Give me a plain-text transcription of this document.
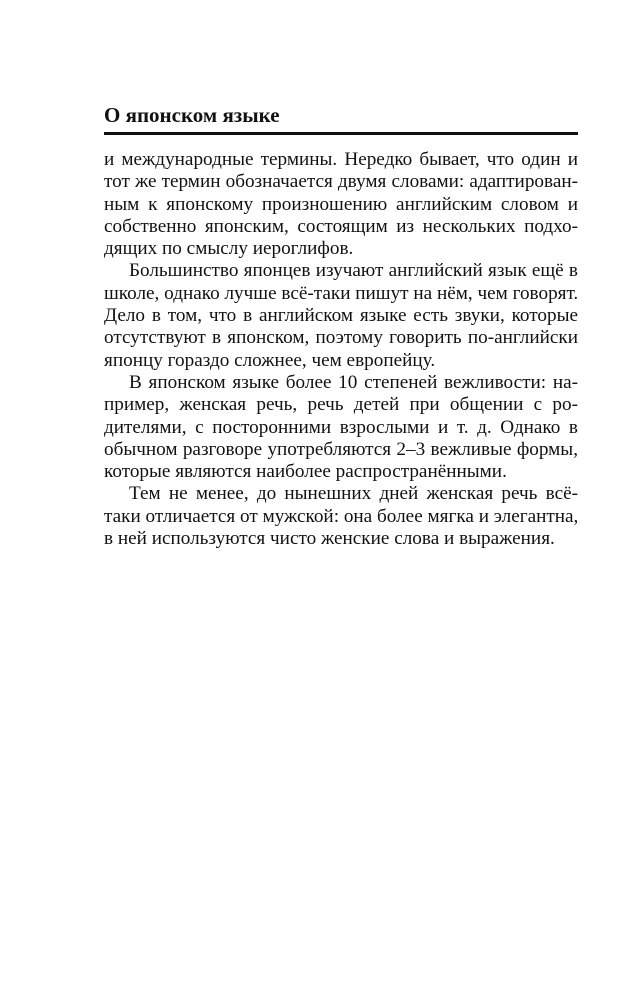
О японском языке
и международные термины. Нередко бывает, что один и
тот же термин обозначается двумя словами: адаптирован-
ным к японскому произношению английским словом и
собственно японским, состоящим из нескольких подхо-
дящих по смыслу иероглифов.
Большинство японцев изучают английский язык ещё в
школе, однако лучше всё-таки пишут на нём, чем говорят.
Дело в том, что в английском языке есть звуки, которые
отсутствуют в японском, поэтому говорить по-английски
японцу гораздо сложнее, чем европейцу.
В японском языке более 10 степеней вежливости: на-
пример, женская речь, речь детей при общении с ро-
дителями, с посторонними взрослыми и т. д. Однако в
обычном разговоре употребляются 2–3 вежливые формы,
которые являются наиболее распространёнными.
Тем не менее, до нынешних дней женская речь всё-
таки отличается от мужской: она более мягка и элегантна,
в ней используются чисто женские слова и выражения.
